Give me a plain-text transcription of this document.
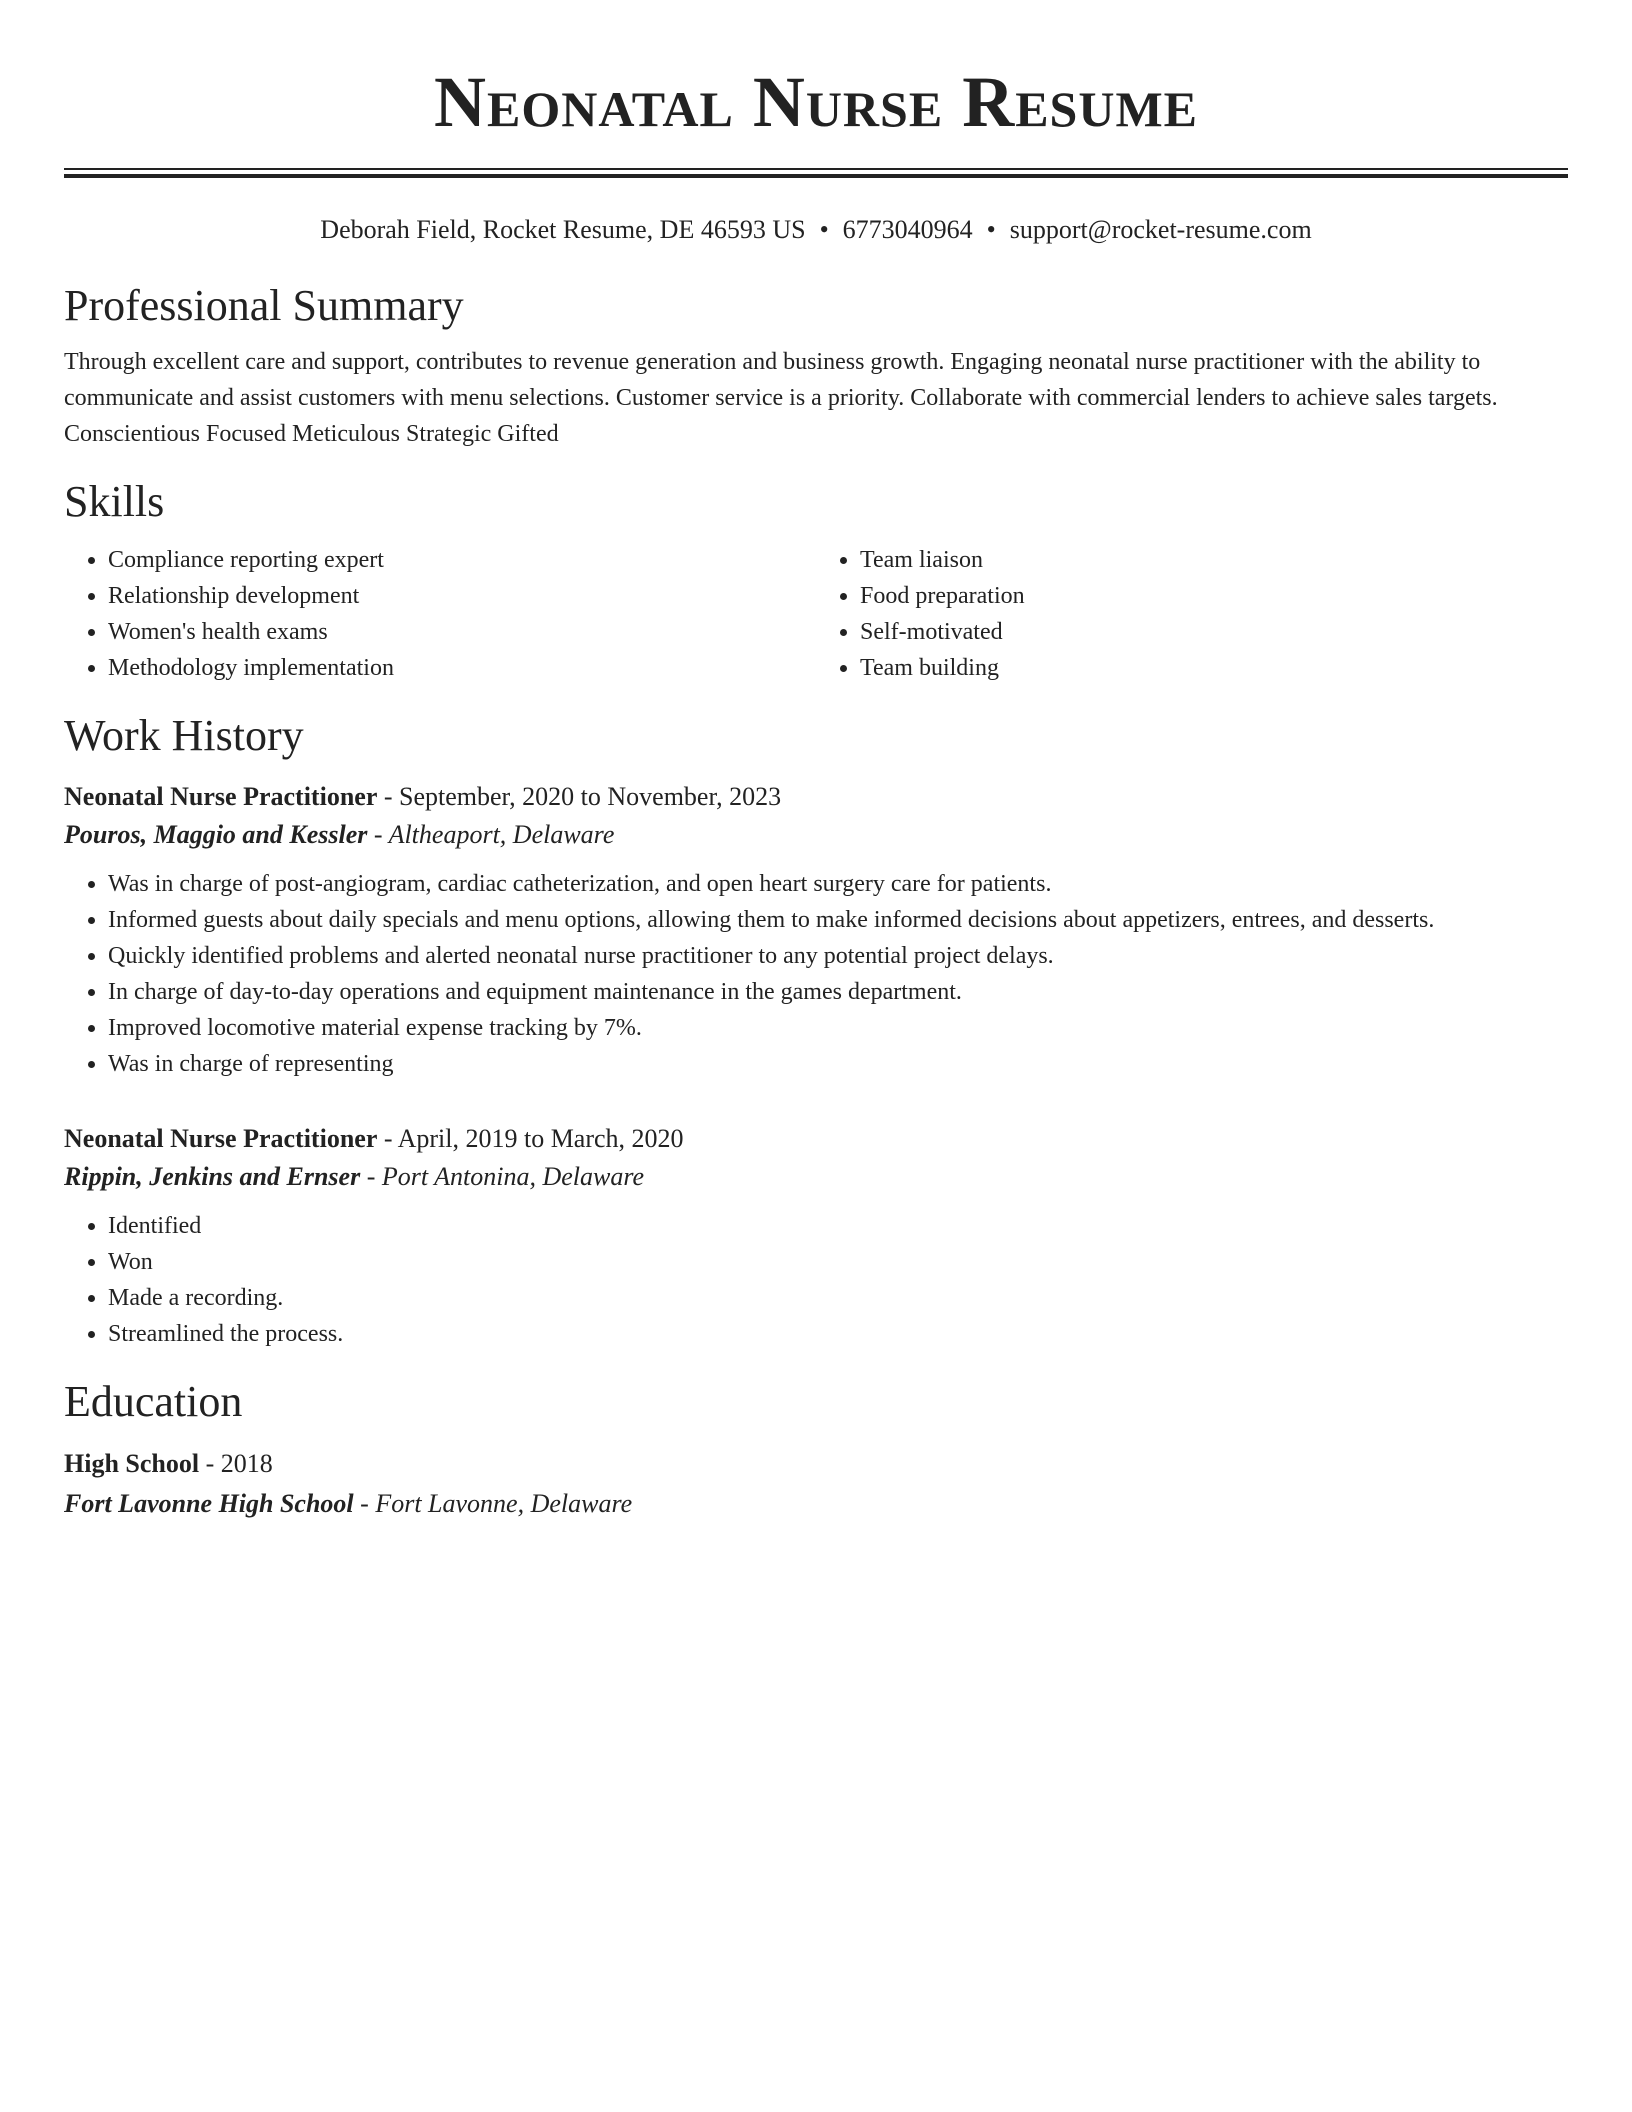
Neonatal Nurse Resume
Deborah Field, Rocket Resume, DE 46593 US • 6773040964 • support@rocket-resume.com
Professional Summary

Through excellent care and support, contributes to revenue generation and business growth. Engaging neonatal nurse practitioner with the ability to communicate and assist customers with menu selections. Customer service is a priority. Collaborate with commercial lenders to achieve sales targets. Conscientious Focused Meticulous Strategic Gifted

Skills
• Compliance reporting expert
• Relationship development
• Women's health exams
• Methodology implementation
• Team liaison
• Food preparation
• Self-motivated
• Team building
Work History
Neonatal Nurse Practitioner - September, 2020 to November, 2023
Pouros, Maggio and Kessler - Altheaport, Delaware
• Was in charge of post-angiogram, cardiac catheterization, and open heart surgery care for patients.
• Informed guests about daily specials and menu options, allowing them to make informed decisions about appetizers, entrees, and desserts.
• Quickly identified problems and alerted neonatal nurse practitioner to any potential project delays.
• In charge of day-to-day operations and equipment maintenance in the games department.
• Improved locomotive material expense tracking by 7%.
• Was in charge of representing
Neonatal Nurse Practitioner - April, 2019 to March, 2020
Rippin, Jenkins and Ernser - Port Antonina, Delaware
• Identified
• Won
• Made a recording.
• Streamlined the process.
Education
High School - 2018
Fort Lavonne High School - Fort Lavonne, Delaware
